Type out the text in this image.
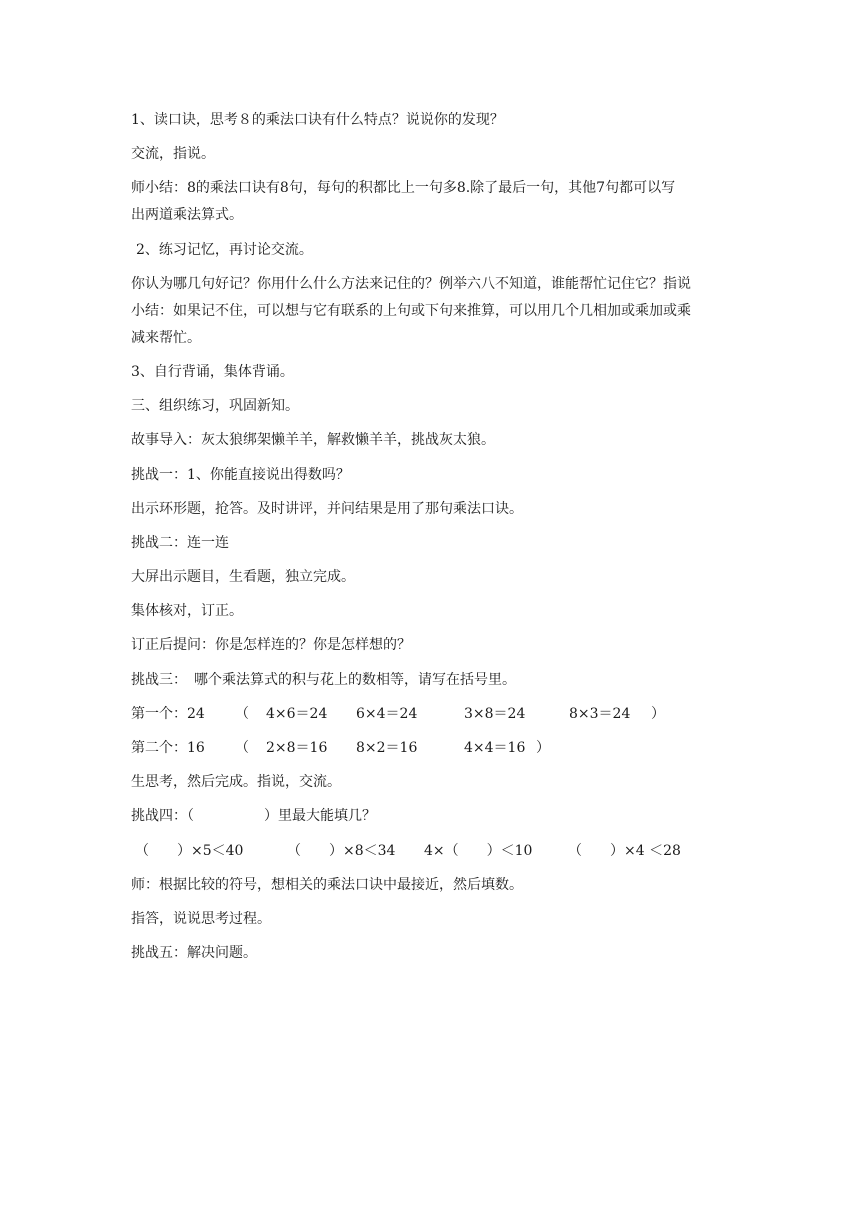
1、读口诀，思考８的乘法口诀有什么特点？说说你的发现？

交流，指说。

师小结：8的乘法口诀有8句，每句的积都比上一句多8.除了最后一句，其他7句都可以写

出两道乘法算式。

2、练习记忆，再讨论交流。

你认为哪几句好记？你用什么什么方法来记住的？例举六八不知道，谁能帮忙记住它？指说

小结：如果记不住，可以想与它有联系的上句或下句来推算，可以用几个几相加或乘加或乘

减来帮忙。

3、自行背诵，集体背诵。

三、组织练习，巩固新知。

故事导入：灰太狼绑架懒羊羊，解救懒羊羊，挑战灰太狼。

挑战一：1、你能直接说出得数吗？

出示环形题，抢答。及时讲评，并问结果是用了那句乘法口诀。

挑战二：连一连

大屏出示题目，生看题，独立完成。

集体核对，订正。

订正后提问：你是怎样连的？你是怎样想的？

挑战三：　哪个乘法算式的积与花上的数相等，请写在括号里。

第一个：24 （ 4×6＝24 6×4＝24	3×8＝24	8×3＝24 ）
第二个：16 （ 2×8＝16 8×2＝16	4×4＝16 ）

生思考，然后完成。指说，交流。

挑战四：（　　　　　）里最大能填几？

（　　）×5＜40	（　　）×8＜34 4×（　　）＜10	（　　）×4 ＜28

师：根据比较的符号，想相关的乘法口诀中最接近，然后填数。

指答，说说思考过程。

挑战五：解决问题。
